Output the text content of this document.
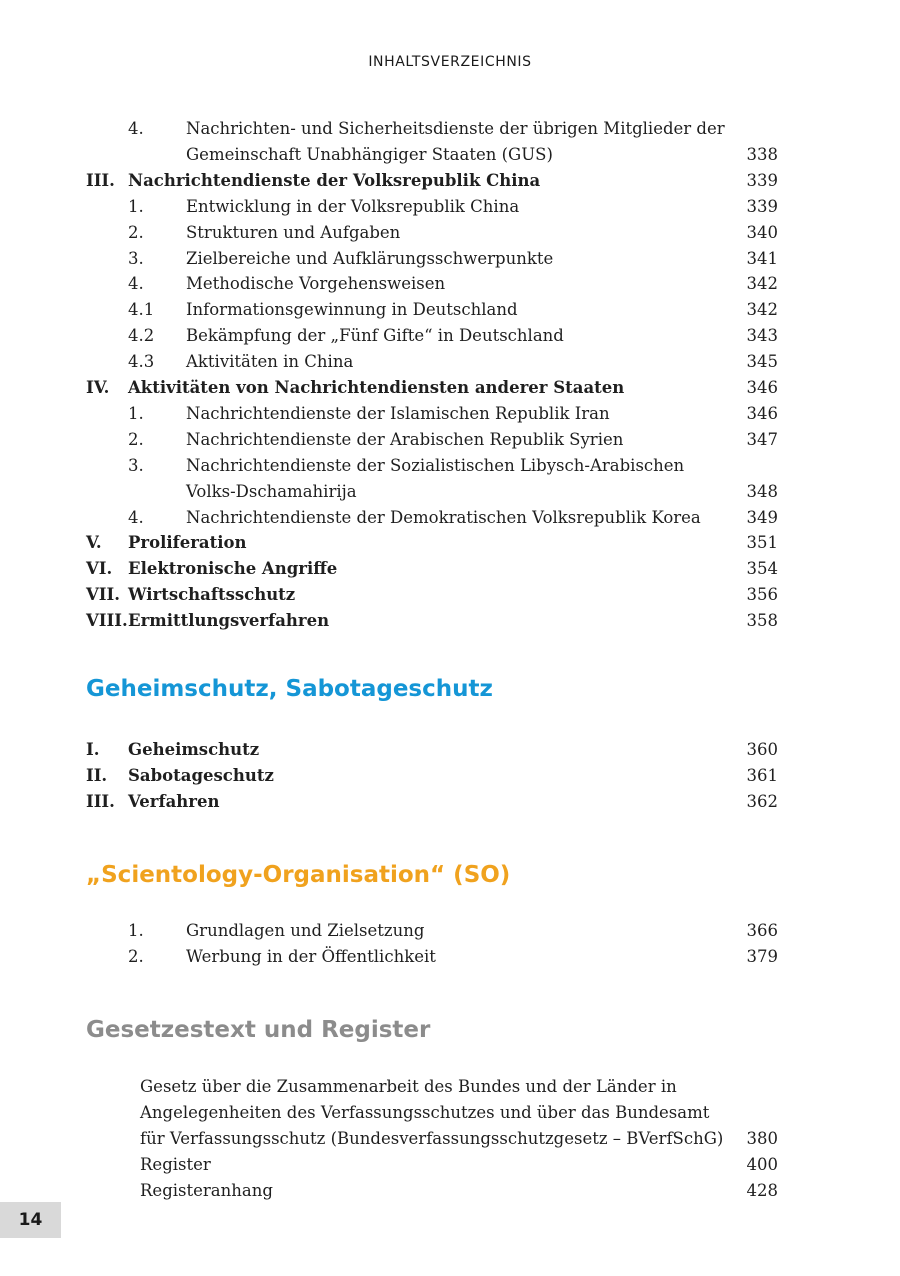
INHALTSVERZEICHNIS
4.	Nachrichten- und Sicherheitsdienste der übrigen Mitglieder der
Gemeinschaft Unabhängiger Staaten (GUS)	338
III. Nachrichtendienste der Volksrepublik China	339
1.	Entwicklung in der Volksrepublik China	339
2.	Strukturen und Aufgaben	340
3.	Zielbereiche und Aufklärungsschwerpunkte	341
4.	Methodische Vorgehensweisen	342
4.1 Informationsgewinnung in Deutschland	342
4.2 Bekämpfung der „Fünf Gifte“ in Deutschland	343
4.3 Aktivitäten in China	345
IV. Aktivitäten von Nachrichtendiensten anderer Staaten	346
1.	Nachrichtendienste der Islamischen Republik Iran	346
2.	Nachrichtendienste der Arabischen Republik Syrien	347
3.	Nachrichtendienste der Sozialistischen Libysch-Arabischen
Volks-Dschamahirija	348
4.	Nachrichtendienste der Demokratischen Volksrepublik Korea	349
V. Proliferation	351
VI. Elektronische Angriffe	354
VII. Wirtschaftsschutz	356
VIII. Ermittlungsverfahren	358
I. Geheimschutz	360
II. Sabotageschutz	361
III. Verfahren	362
1.	Grundlagen und Zielsetzung	366
2.	Werbung in der Öffentlichkeit	379
Gesetz über die Zusammenarbeit des Bundes und der Länder in
Angelegenheiten des Verfassungsschutzes und über das Bundesamt
für Verfassungsschutz (Bundesverfassungsschutzgesetz – BVerfSchG) 380
Register	400
Registeranhang	428
Geheimschutz, Sabotageschutz
„Scientology-Organisation“ (SO)
Gesetzestext und Register
14
